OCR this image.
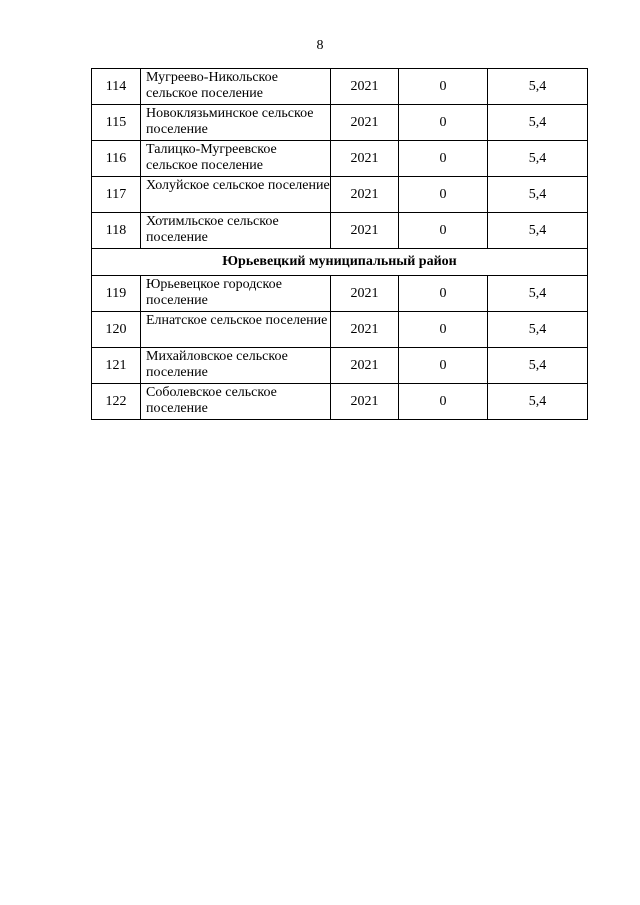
8
114	Мугреево-Никольское сельское поселение	2021	0	5,4
115	Новоклязьминское сельское поселение	2021	0	5,4
116	Талицко-Мугреевское сельское поселение	2021	0	5,4
117	Холуйское сельское поселение	2021	0	5,4
118	Хотимльское сельское поселение	2021	0	5,4
Юрьевецкий муниципальный район				
119	Юрьевецкое городское поселение	2021	0	5,4
120	Елнатское сельское поселение	2021	0	5,4
121	Михайловское сельское поселение	2021	0	5,4
122	Соболевское сельское поселение	2021	0	5,4
